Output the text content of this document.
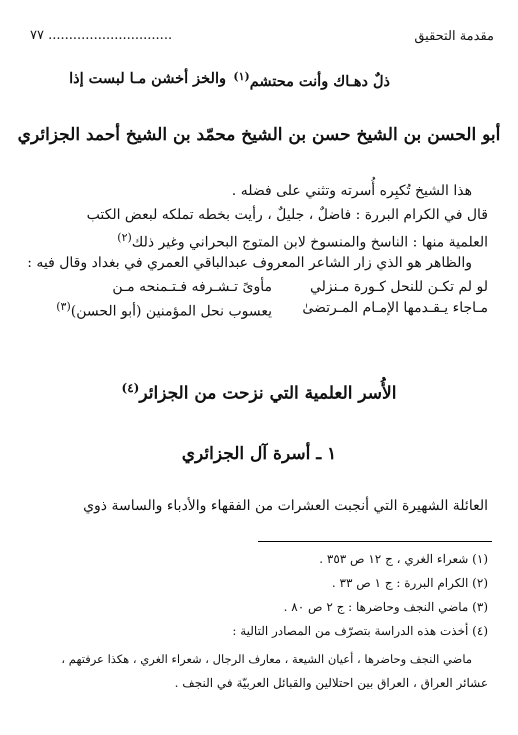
مقدمة التحقيق
٧٧ ..............................
ذلٌ دهـاك وأنت محتشم$^{(١)}$
والخز أخشن مـا لبست إذا
أبو الحسن بن الشيخ حسن بن الشيخ محمّد بن الشيخ أحمد الجزائري
هذا الشيخ تُكبِره أُسرته وتثني على فضله .
قال في الكرام البررة : فاضلٌ ، جليلٌ ، رأيت بخطه تملكه لبعض الكتب
العلمية منها : الناسخ والمنسوخ لابن المتوج البحراني وغير ذلك$^{(٢)}$
والظاهر هو الذي زار الشاعر المعروف عبدالباقي العمري في بغداد وقال فيه :
لو لم تكـن للنحل كـورة مـنزلي
مأوىً تـشـرفه فـتـمنحه مـن
مـاجاء يـقـدمها الإمـام المـرتضىٰ
يعسوب نحل المؤمنين (أبو الحسن)$^{(٣)}$
الأُسر العلمية التي نزحت من الجزائر$^{(٤)}$
١ ـ أسرة آل الجزائري
العائلة الشهيرة التي أنجبت العشرات من الفقهاء والأدباء والساسة ذوي
(١) شعراء الغري ، ج ١٢ ص ٣٥٣ .
(٢) الكرام البررة : ج ١ ص ٣٣ .
(٣) ماضي النجف وحاضرها : ج ٢ ص ٨٠ .
(٤) أخذت هذه الدراسة بتصرّف من المصادر التالية :
ماضي النجف وحاضرها ، أعيان الشيعة ، معارف الرجال ، شعراء الغري ، هكذا عرفتهم ،
عشائر العراق ، العراق بين احتلالين والقبائل العربيّة في النجف .
